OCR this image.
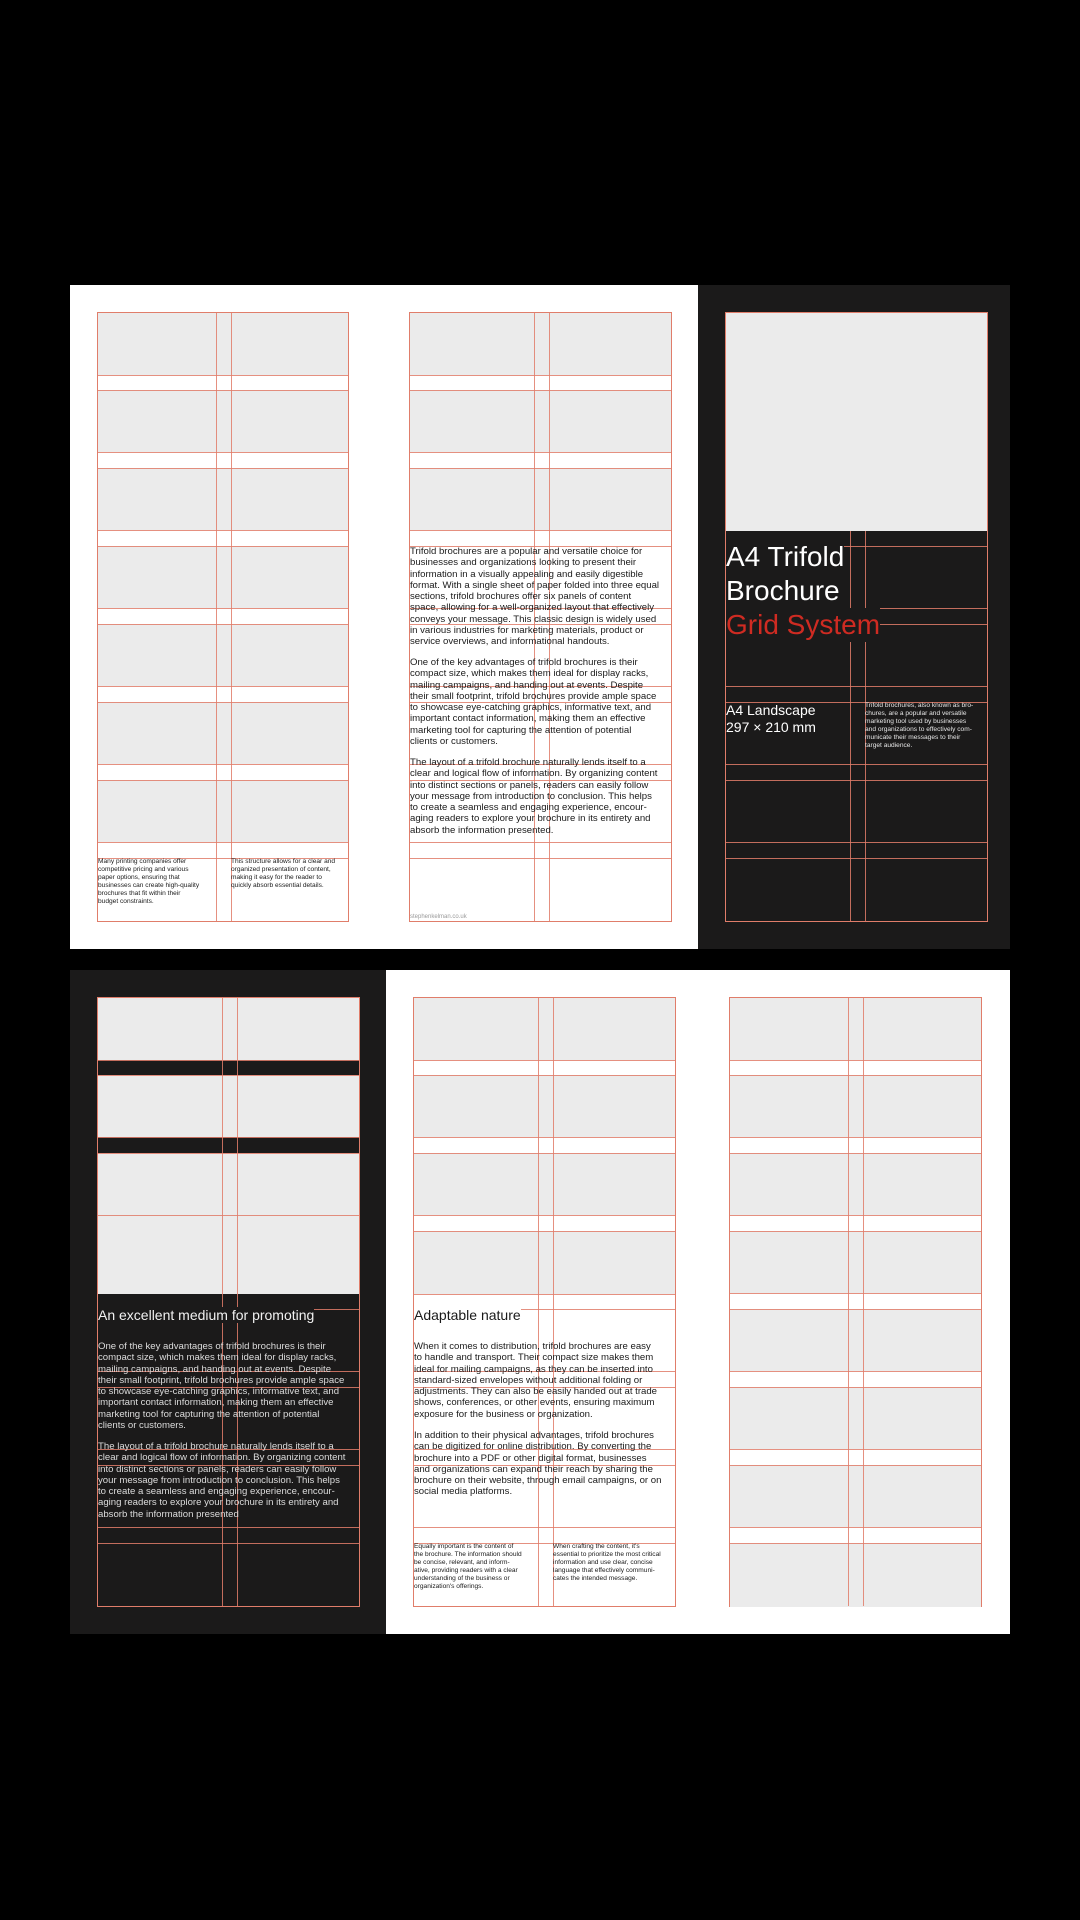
Many printing companies offer
competitive pricing and various
paper options, ensuring that
businesses can create high-quality
brochures that fit within their
budget constraints.
This structure allows for a clear and
organized presentation of content,
making it easy for the reader to
quickly absorb essential details.
Trifold brochures are a popular and versatile choice for
businesses and organizations looking to present their
information in a visually appealing and easily digestible
format. With a single sheet of paper folded into three equal
sections, trifold brochures offer six panels of content
space, allowing for a well-organized layout that effectively
conveys your message. This classic design is widely used
in various industries for marketing materials, product or
service overviews, and informational handouts.
One of the key advantages of trifold brochures is their
compact size, which makes them ideal for display racks,
mailing campaigns, and handing out at events. Despite
their small footprint, trifold brochures provide ample space
to showcase eye-catching graphics, informative text, and
important contact information, making them an effective
marketing tool for capturing the attention of potential
clients or customers.
The layout of a trifold brochure naturally lends itself to a
clear and logical flow of information. By organizing content
into distinct sections or panels, readers can easily follow
your message from introduction to conclusion. This helps
to create a seamless and engaging experience, encour-
aging readers to explore your brochure in its entirety and
absorb the information presented.
stephenkelman.co.uk
A4 Trifold
Brochure
Grid System
A4 Landscape
297 × 210 mm
Trifold brochures, also known as bro-
chures, are a popular and versatile
marketing tool used by businesses
and organizations to effectively com-
municate their messages to their
target audience.
An excellent medium for promoting
One of the key advantages of trifold brochures is their
compact size, which makes them ideal for display racks,
mailing campaigns, and handing out at events. Despite
their small footprint, trifold brochures provide ample space
to showcase eye-catching graphics, informative text, and
important contact information, making them an effective
marketing tool for capturing the attention of potential
clients or customers.
The layout of a trifold brochure naturally lends itself to a
clear and logical flow of information. By organizing content
into distinct sections or panels, readers can easily follow
your message from introduction to conclusion. This helps
to create a seamless and engaging experience, encour-
aging readers to explore your brochure in its entirety and
absorb the information presented
Adaptable nature
When it comes to distribution, trifold brochures are easy
to handle and transport. Their compact size makes them
ideal for mailing campaigns, as they can be inserted into
standard-sized envelopes without additional folding or
adjustments. They can also be easily handed out at trade
shows, conferences, or other events, ensuring maximum
exposure for the business or organization.
In addition to their physical advantages, trifold brochures
can be digitized for online distribution. By converting the
brochure into a PDF or other digital format, businesses
and organizations can expand their reach by sharing the
brochure on their website, through email campaigns, or on
social media platforms.
Equally important is the content of
the brochure. The information should
be concise, relevant, and inform-
ative, providing readers with a clear
understanding of the business or
organization's offerings.
When crafting the content, it's
essential to prioritize the most critical
information and use clear, concise
language that effectively communi-
cates the intended message.
